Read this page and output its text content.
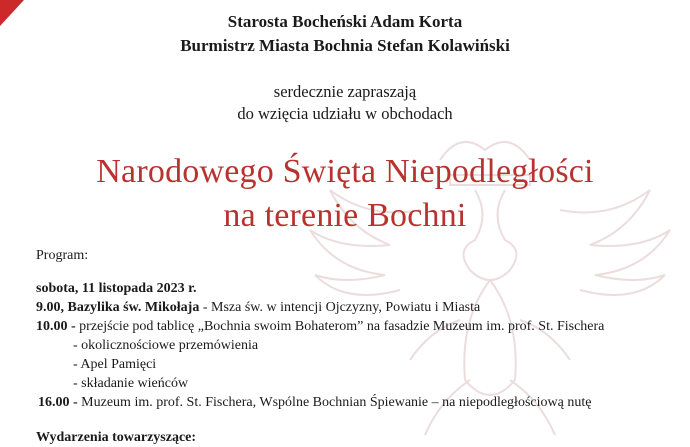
Starosta Bocheński Adam Korta
Burmistrz Miasta Bochnia Stefan Kolawiński
serdecznie zapraszają
do wzięcia udziału w obchodach
Narodowego Święta Niepodległości
na terenie Bochni
Program:
sobota, 11 listopada 2023 r.
9.00, Bazylika św. Mikołaja - Msza św. w intencji Ojczyzny, Powiatu i Miasta
10.00 - przejście pod tablicę „Bochnia swoim Bohaterom” na fasadzie Muzeum im. prof. St. Fischera
- okolicznościowe przemówienia
- Apel Pamięci
- składanie wieńców
16.00 - Muzeum im. prof. St. Fischera, Wspólne Bochnian Śpiewanie – na niepodległościową nutę
Wydarzenia towarzyszące:
